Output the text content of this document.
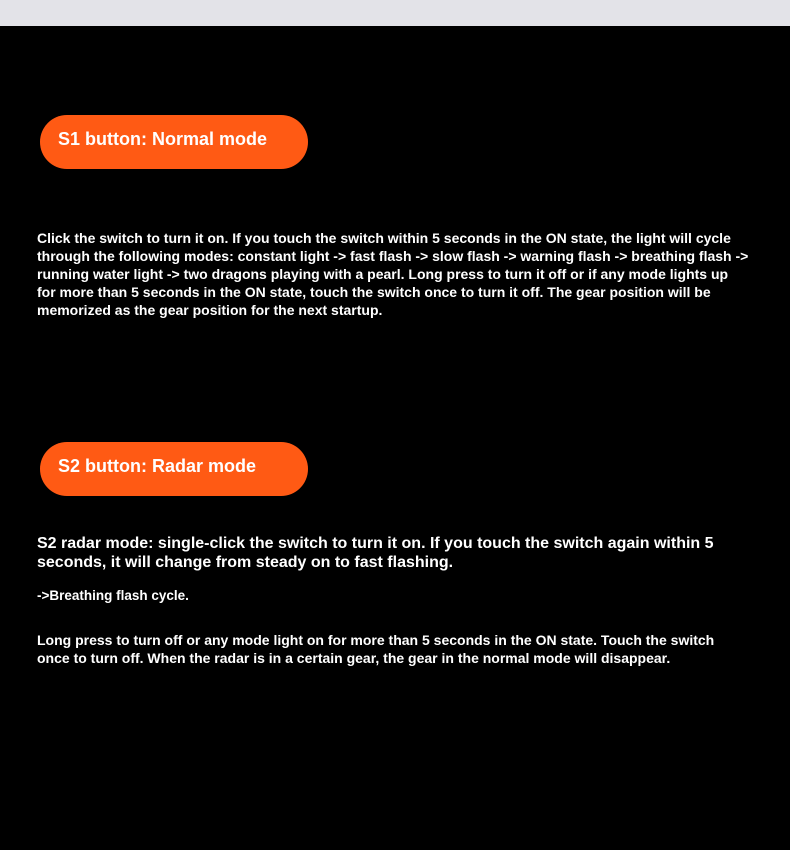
S1 button: Normal mode

Click the switch to turn it on. If you touch the switch within 5 seconds in the ON state, the light will cycle through the following modes: constant light -> fast flash -> slow flash -> warning flash -> breathing flash -> running water light -> two dragons playing with a pearl. Long press to turn it off or if any mode lights up for more than 5 seconds in the ON state, touch the switch once to turn it off. The gear position will be memorized as the gear position for the next startup.

S2 button: Radar mode

S2 radar mode: single-click the switch to turn it on. If you touch the switch again within 5 seconds, it will change from steady on to fast flashing.

->Breathing flash cycle.

Long press to turn off or any mode light on for more than 5 seconds in the ON state. Touch the switch once to turn off. When the radar is in a certain gear, the gear in the normal mode will disappear.
